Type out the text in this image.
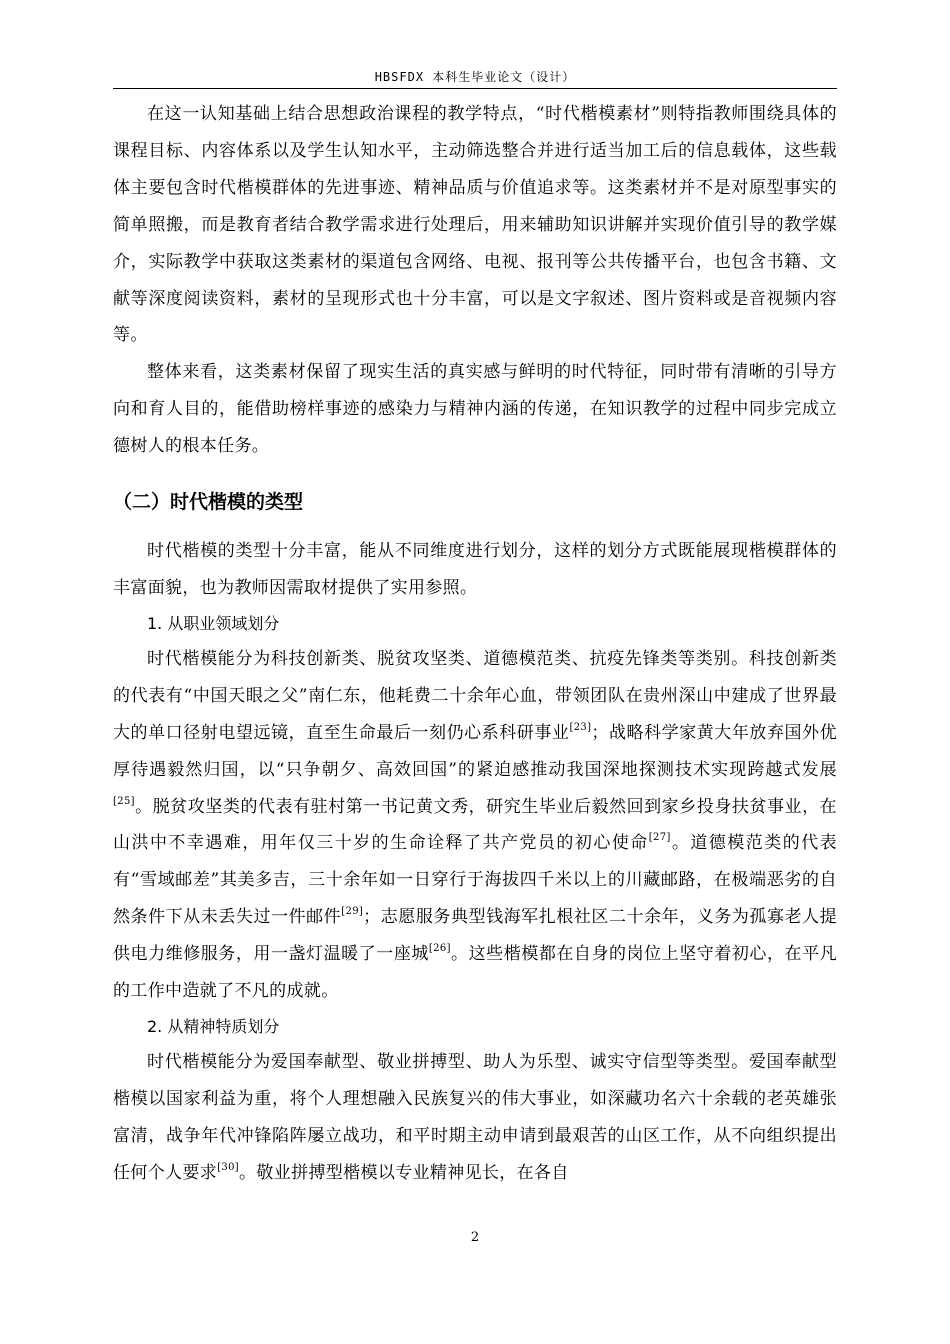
HBSFDX 本科生毕业论文（设计）

在这一认知基础上结合思想政治课程的教学特点，“时代楷模素材”则特指教师围绕具体的课程目标、内容体系以及学生认知水平，主动筛选整合并进行适当加工后的信息载体，这些载体主要包含时代楷模群体的先进事迹、精神品质与价值追求等。这类素材并不是对原型事实的简单照搬，而是教育者结合教学需求进行处理后，用来辅助知识讲解并实现价值引导的教学媒介，实际教学中获取这类素材的渠道包含网络、电视、报刊等公共传播平台，也包含书籍、文献等深度阅读资料，素材的呈现形式也十分丰富，可以是文字叙述、图片资料或是音视频内容等。

整体来看，这类素材保留了现实生活的真实感与鲜明的时代特征，同时带有清晰的引导方向和育人目的，能借助榜样事迹的感染力与精神内涵的传递，在知识教学的过程中同步完成立德树人的根本任务。

（二）时代楷模的类型

时代楷模的类型十分丰富，能从不同维度进行划分，这样的划分方式既能展现楷模群体的丰富面貌，也为教师因需取材提供了实用参照。

1. 从职业领域划分

时代楷模能分为科技创新类、脱贫攻坚类、道德模范类、抗疫先锋类等类别。科技创新类的代表有“中国天眼之父”南仁东，他耗费二十余年心血，带领团队在贵州深山中建成了世界最大的单口径射电望远镜，直至生命最后一刻仍心系科研事业[23]；战略科学家黄大年放弃国外优厚待遇毅然归国，以“只争朝夕、高效回国”的紧迫感推动我国深地探测技术实现跨越式发展[25]。脱贫攻坚类的代表有驻村第一书记黄文秀，研究生毕业后毅然回到家乡投身扶贫事业，在山洪中不幸遇难，用年仅三十岁的生命诠释了共产党员的初心使命[27]。道德模范类的代表有“雪域邮差”其美多吉，三十余年如一日穿行于海拔四千米以上的川藏邮路，在极端恶劣的自然条件下从未丢失过一件邮件[29]；志愿服务典型钱海军扎根社区二十余年，义务为孤寡老人提供电力维修服务，用一盏灯温暖了一座城[26]。这些楷模都在自身的岗位上坚守着初心，在平凡的工作中造就了不凡的成就。

2. 从精神特质划分

时代楷模能分为爱国奉献型、敬业拼搏型、助人为乐型、诚实守信型等类型。爱国奉献型楷模以国家利益为重，将个人理想融入民族复兴的伟大事业，如深藏功名六十余载的老英雄张富清，战争年代冲锋陷阵屡立战功，和平时期主动申请到最艰苦的山区工作，从不向组织提出任何个人要求[30]。敬业拼搏型楷模以专业精神见长，在各自

2
